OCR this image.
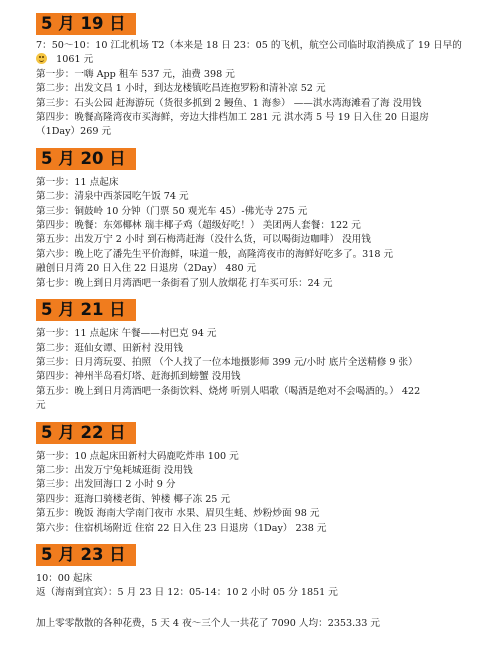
5 月 19 日
7：50～10：10 江北机场 T2（本来是 18 日 23：05 的飞机，航空公司临时取消换成了 19 日早的
1061 元
第一步：一嗨 App 租车 537 元，油费 398 元
第二步：出发文昌 1 小时，到达龙楼镇吃昌连抱罗粉和清补凉 52 元
第三步：石头公园 赶海游玩（货很多抓到 2 鳗鱼、1 海参） ——淇水湾海滩看了海 没用钱
第四步：晚餐高隆湾夜市买海鲜，旁边大排档加工 281 元 淇水湾 5 号 19 日入住 20 日退房
（1Day）269 元
5 月 20 日
第一步：11 点起床
第二步：清泉中西茶园吃午饭 74 元
第三步：铜鼓岭 10 分钟（门票 50 观光车 45）-佛光寺 275 元
第四步：晚餐：东郊椰林 瑞丰椰子鸡（超级好吃！） 美团两人套餐：122 元
第五步：出发万宁 2 小时 到石梅湾赶海（没什么货，可以喝街边咖啡） 没用钱
第六步：晚上吃了潘先生平价海鲜，味道一般，高隆湾夜市的海鲜好吃多了。318 元
融创日月湾 20 日入住 22 日退房（2Day） 480 元
第七步：晚上到日月湾酒吧一条街看了别人放烟花 打车买可乐：24 元
5 月 21 日
第一步：11 点起床 午餐——村巴克 94 元
第二步：逛仙女谭、田新村 没用钱
第三步：日月湾玩耍、拍照 （个人找了一位本地摄影师 399 元/小时 底片全送精修 9 张）
第四步：神州半岛看灯塔、赶海抓到螃蟹 没用钱
第五步：晚上到日月湾酒吧一条街饮料、烧烤 听别人唱歌（喝酒是绝对不会喝酒的。） 422
元
5 月 22 日
第一步：10 点起床田新村大码鹿吃炸串 100 元
第二步：出发万宁兔耗城逛街 没用钱
第三步：出发回海口 2 小时 9 分
第四步：逛海口骑楼老街、钟楼 椰子冻 25 元
第五步：晚饭 海南大学南门夜市 水果、眉贝生蚝、炒粉炒面 98 元
第六步：住宿机场附近 住宿 22 日入住 23 日退房（1Day） 238 元
5 月 23 日
10：00 起床
返（海南到宜宾）：5 月 23 日 12：05-14：10 2 小时 05 分 1851 元
加上零零散散的各种花费，5 天 4 夜～三个人一共花了 7090 人均：2353.33 元
